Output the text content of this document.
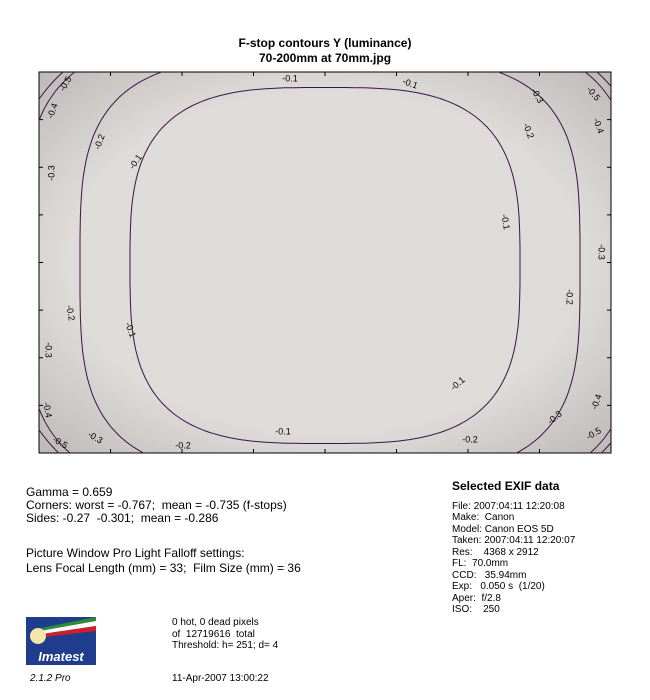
F-stop contours Y (luminance)
70-200mm at 70mm.jpg
-0.1	-0.1
-0.1
-0.1
-0.1
-0.1
-0.1
-0.2
-0.2
-0.2
-0.2
-0.2
-0.2
-0.3
-0.3
-0.3
-0.3
-0.3
-0.3
-0.4
-0.4
-0.4	-0.4
-0.5
-0.5
-0.5
-0.5
Gamma = 0.659
Corners: worst = -0.767;  mean = -0.735 (f-stops)
Sides: -0.27  -0.301;  mean = -0.286
Picture Window Pro Light Falloff settings:
Lens Focal Length (mm) = 33;  Film Size (mm) = 36
Selected EXIF data
File: 2007:04:11 12:20:08
Make:  Canon
Model: Canon EOS 5D
Taken: 2007:04:11 12:20:07
Res:    4368 x 2912
FL:  70.0mm
CCD:   35.94mm
Exp:   0.050 s  (1/20)
Aper:  f/2.8
ISO:    250
0 hot, 0 dead pixels
of  12719616  total
Threshold: h= 251; d= 4
Imatest
2.1.2 Pro	11-Apr-2007 13:00:22
